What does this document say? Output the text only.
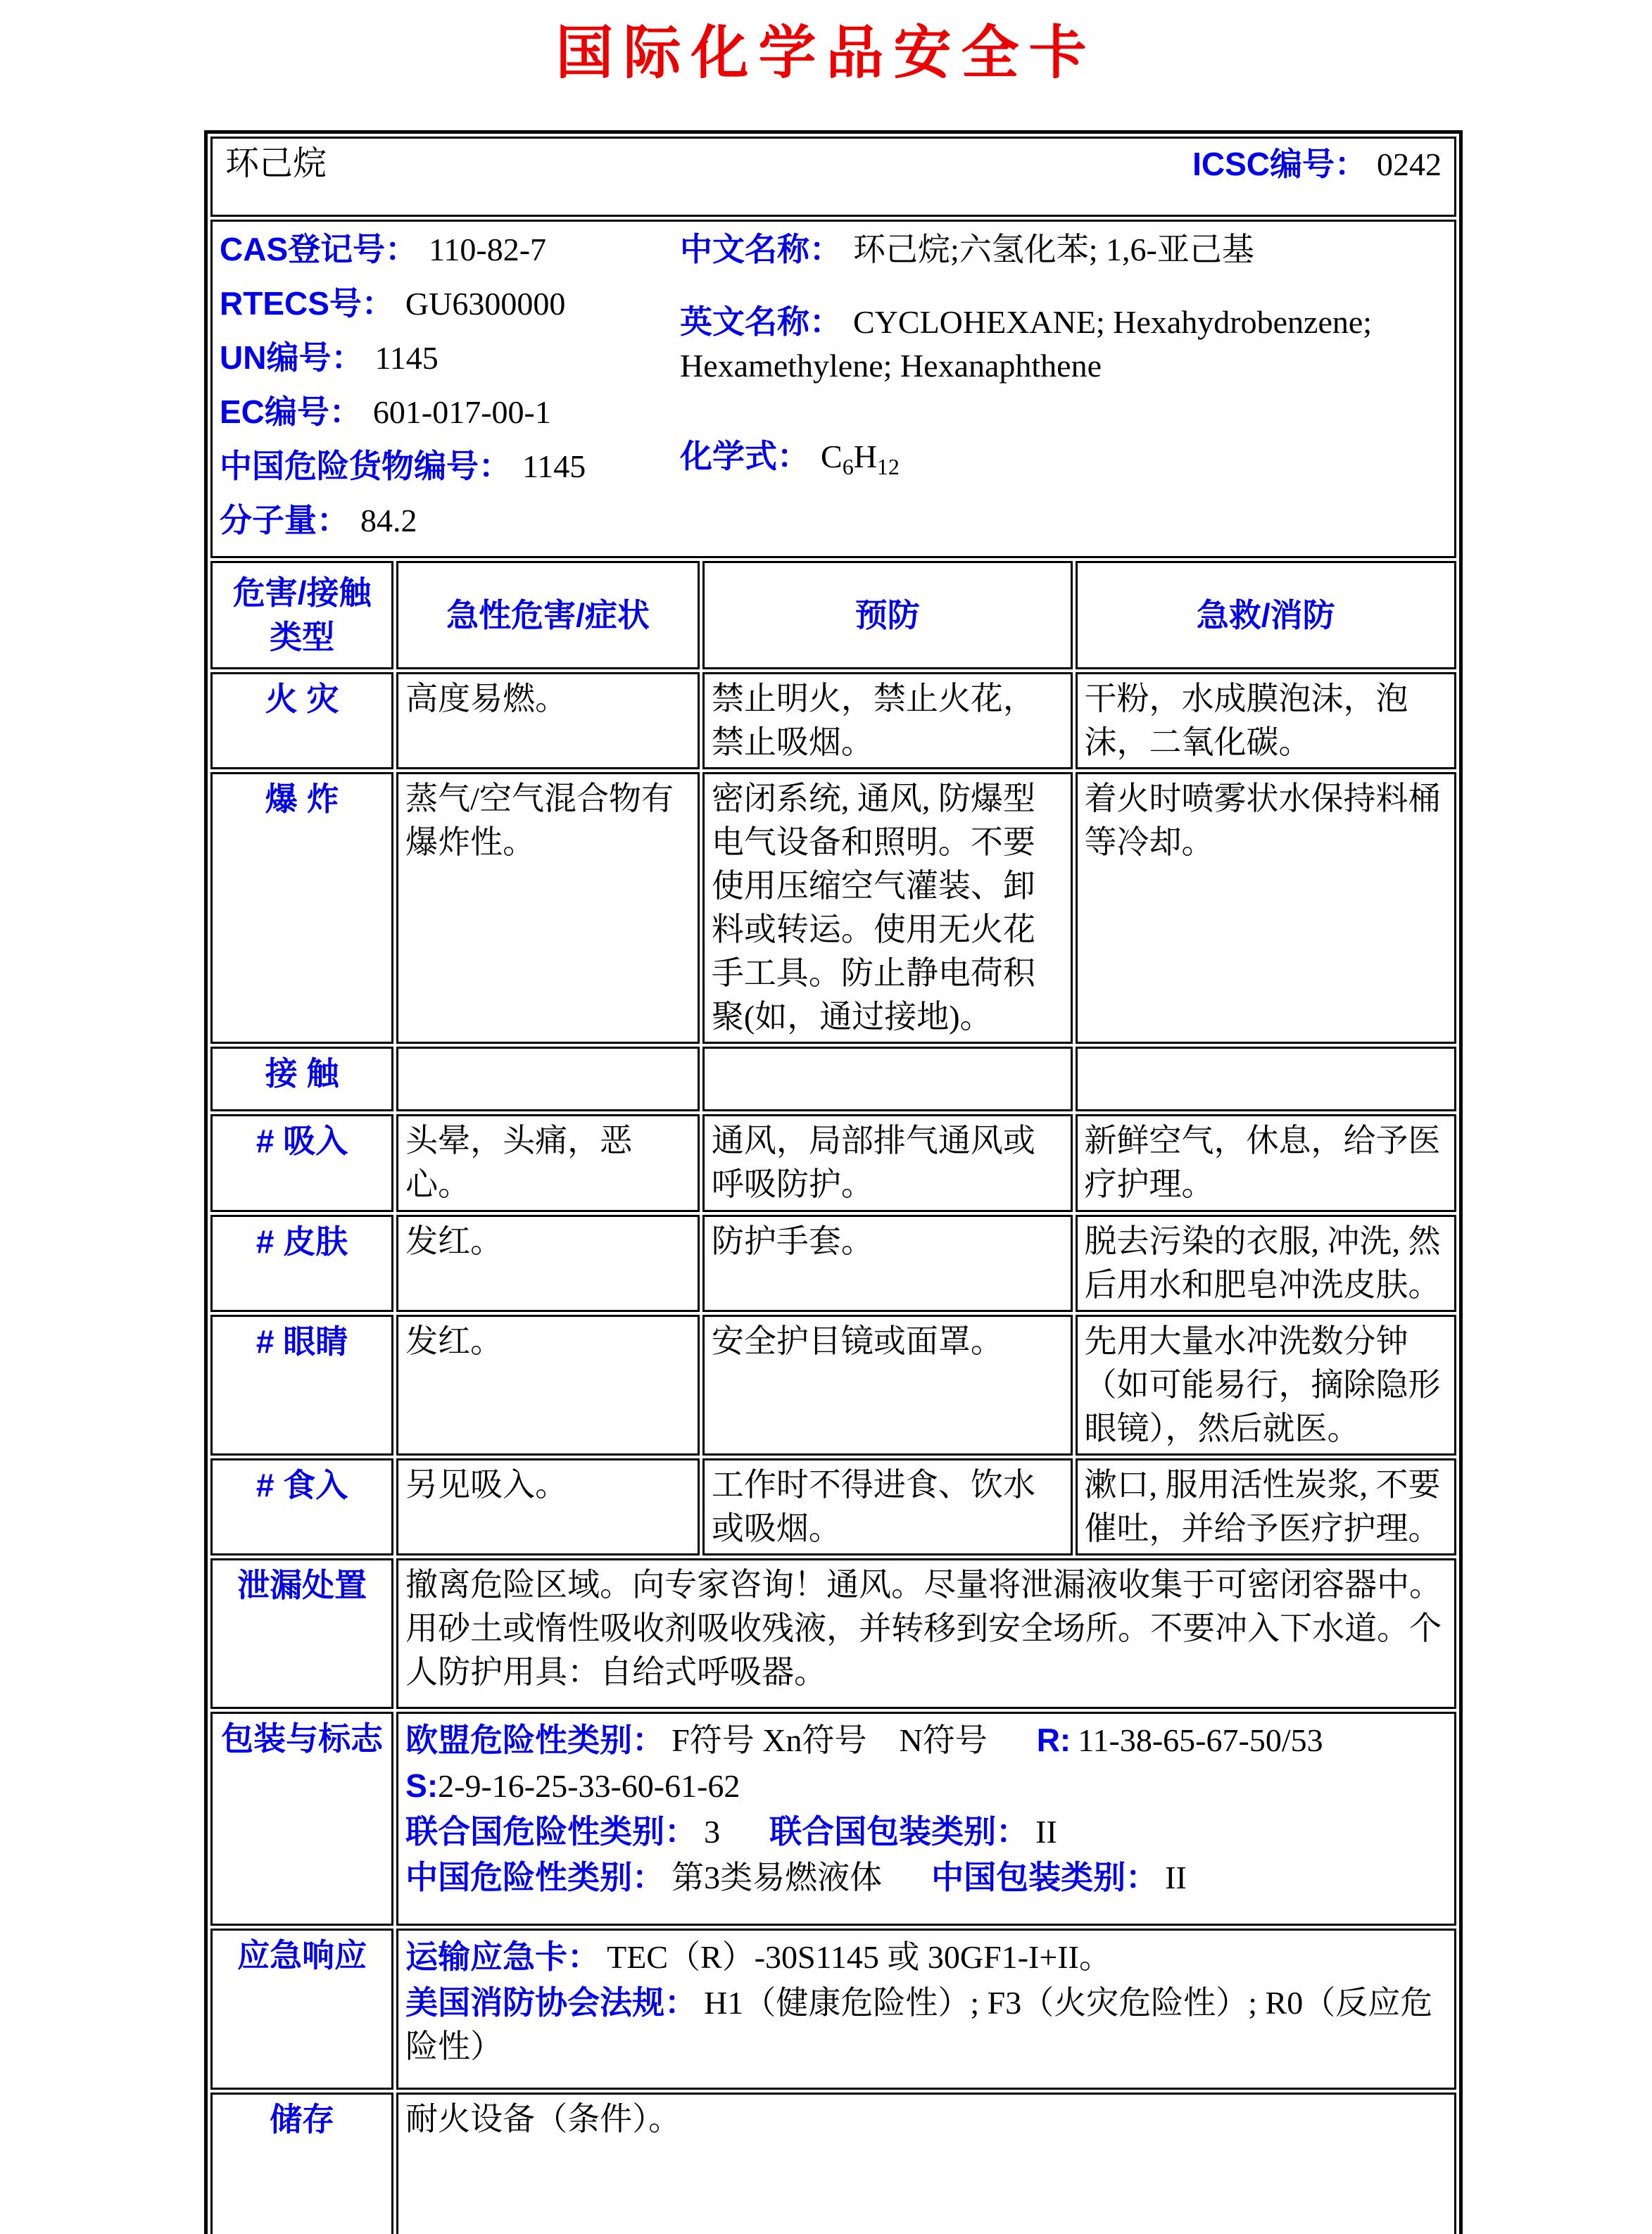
国际化学品安全卡
环己烷 ICSC编号： 0242			

CAS登记号： 110-82-7
RTECS号： GU6300000
UN编号： 1145
EC编号： 601-017-00-1
中国危险货物编号： 1145
分子量： 84.2
中文名称： 环己烷;六氢化苯; 1,6-亚己基
英文名称： CYCLOHEXANE; Hexahydrobenzene; Hexamethylene; Hexanaphthene
化学式： $C_6H_{12}$

危害/接触
类型	急性危害/症状	预防	急救/消防
火 灾	高度易燃。	禁止明火，禁止火花，禁止吸烟。	干粉，水成膜泡沫，泡沫，二氧化碳。
爆 炸	蒸气/空气混合物有爆炸性。	密闭系统, 通风, 防爆型电气设备和照明。不要使用压缩空气灌装、卸料或转运。使用无火花手工具。防止静电荷积聚(如，通过接地)。	着火时喷雾状水保持料桶等冷却。
接 触			
# 吸入	头晕，头痛，恶心。	通风，局部排气通风或呼吸防护。	新鲜空气，休息，给予医疗护理。
# 皮肤	发红。	防护手套。	脱去污染的衣服, 冲洗, 然后用水和肥皂冲洗皮肤。
# 眼睛	发红。	安全护目镜或面罩。	先用大量水冲洗数分钟（如可能易行，摘除隐形眼镜），然后就医。
# 食入	另见吸入。	工作时不得进食、饮水或吸烟。	漱口, 服用活性炭浆, 不要催吐，并给予医疗护理。
泄漏处置	撤离危险区域。向专家咨询！通风。尽量将泄漏液收集于可密闭容器中。用砂土或惰性吸收剂吸收残液，并转移到安全场所。不要冲入下水道。个人防护用具：自给式呼吸器。		
包装与标志	欧盟危险性类别： F符号 Xn符号　N符号 R: 11-38-65-67-50/53
S:2-9-16-25-33-60-61-62
联合国危险性类别： 3 联合国包装类别： II
中国危险性类别： 第3类易燃液体 中国包装类别： II		

应急响应	运输应急卡： TEC（R）-30S1145 或 30GF1-I+II。
美国消防协会法规： H1（健康危险性）; F3（火灾危险性）; R0（反应危险性）		

储存	耐火设备（条件）。		
